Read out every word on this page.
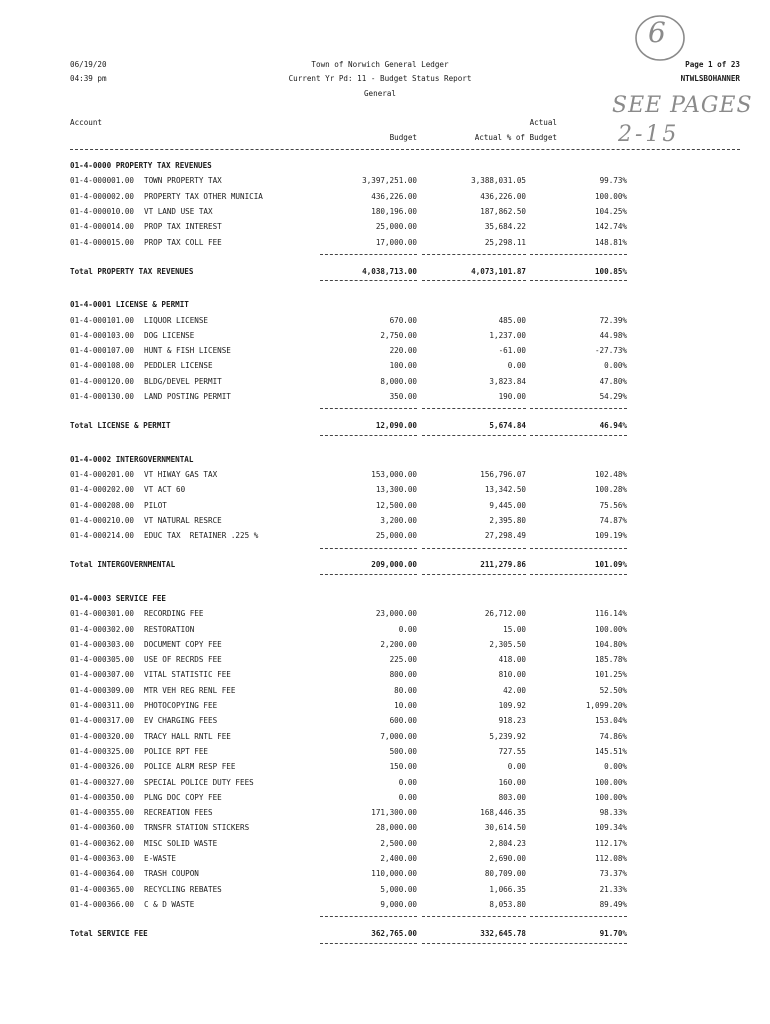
06/19/20
04:39 pm
Town of Norwich General Ledger
Current Yr Pd: 11 - Budget Status Report
General
Page 1 of 23
NTWLSBOHANNER
6
SEE PAGES
2-15
Account	Actual
Budget	Actual % of Budget
01-4-0000 PROPERTY TAX REVENUES
01-4-000001.00 TOWN PROPERTY TAX	3,397,251.00	3,388,031.05	99.73%
01-4-000002.00 PROPERTY TAX OTHER MUNICIA	436,226.00	436,226.00	100.00%
01-4-000010.00 VT LAND USE TAX	180,196.00	187,862.50	104.25%
01-4-000014.00 PROP TAX INTEREST	25,000.00	35,684.22	142.74%
01-4-000015.00 PROP TAX COLL FEE	17,000.00	25,298.11	148.81%
Total PROPERTY TAX REVENUES	4,038,713.00	4,073,101.87	100.85%
01-4-0001 LICENSE & PERMIT
01-4-000101.00 LIQUOR LICENSE	670.00	485.00	72.39%
01-4-000103.00 DOG LICENSE	2,750.00	1,237.00	44.98%
01-4-000107.00 HUNT & FISH LICENSE	220.00	-61.00	-27.73%
01-4-000108.00 PEDDLER LICENSE	100.00	0.00	0.00%
01-4-000120.00 BLDG/DEVEL PERMIT	8,000.00	3,823.84	47.80%
01-4-000130.00 LAND POSTING PERMIT	350.00	190.00	54.29%
Total LICENSE & PERMIT	12,090.00	5,674.84	46.94%
01-4-0002 INTERGOVERNMENTAL
01-4-000201.00 VT HIWAY GAS TAX	153,000.00	156,796.07	102.48%
01-4-000202.00 VT ACT 60	13,300.00	13,342.50	100.28%
01-4-000208.00 PILOT	12,500.00	9,445.00	75.56%
01-4-000210.00 VT NATURAL RESRCE	3,200.00	2,395.80	74.87%
01-4-000214.00 EDUC TAX  RETAINER .225 %	25,000.00	27,298.49	109.19%
Total INTERGOVERNMENTAL	209,000.00	211,279.86	101.09%
01-4-0003 SERVICE FEE
01-4-000301.00 RECORDING FEE	23,000.00	26,712.00	116.14%
01-4-000302.00 RESTORATION	0.00	15.00	100.00%
01-4-000303.00 DOCUMENT COPY FEE	2,200.00	2,305.50	104.80%
01-4-000305.00 USE OF RECRDS FEE	225.00	418.00	185.78%
01-4-000307.00 VITAL STATISTIC FEE	800.00	810.00	101.25%
01-4-000309.00 MTR VEH REG RENL FEE	80.00	42.00	52.50%
01-4-000311.00 PHOTOCOPYING FEE	10.00	109.92	1,099.20%
01-4-000317.00 EV CHARGING FEES	600.00	918.23	153.04%
01-4-000320.00 TRACY HALL RNTL FEE	7,000.00	5,239.92	74.86%
01-4-000325.00 POLICE RPT FEE	500.00	727.55	145.51%
01-4-000326.00 POLICE ALRM RESP FEE	150.00	0.00	0.00%
01-4-000327.00 SPECIAL POLICE DUTY FEES	0.00	160.00	100.00%
01-4-000350.00 PLNG DOC COPY FEE	0.00	803.00	100.00%
01-4-000355.00 RECREATION FEES	171,300.00	168,446.35	98.33%
01-4-000360.00 TRNSFR STATION STICKERS	28,000.00	30,614.50	109.34%
01-4-000362.00 MISC SOLID WASTE	2,500.00	2,804.23	112.17%
01-4-000363.00 E-WASTE	2,400.00	2,690.00	112.08%
01-4-000364.00 TRASH COUPON	110,000.00	80,709.00	73.37%
01-4-000365.00 RECYCLING REBATES	5,000.00	1,066.35	21.33%
01-4-000366.00 C & D WASTE	9,000.00	8,053.80	89.49%
Total SERVICE FEE	362,765.00	332,645.78	91.70%
